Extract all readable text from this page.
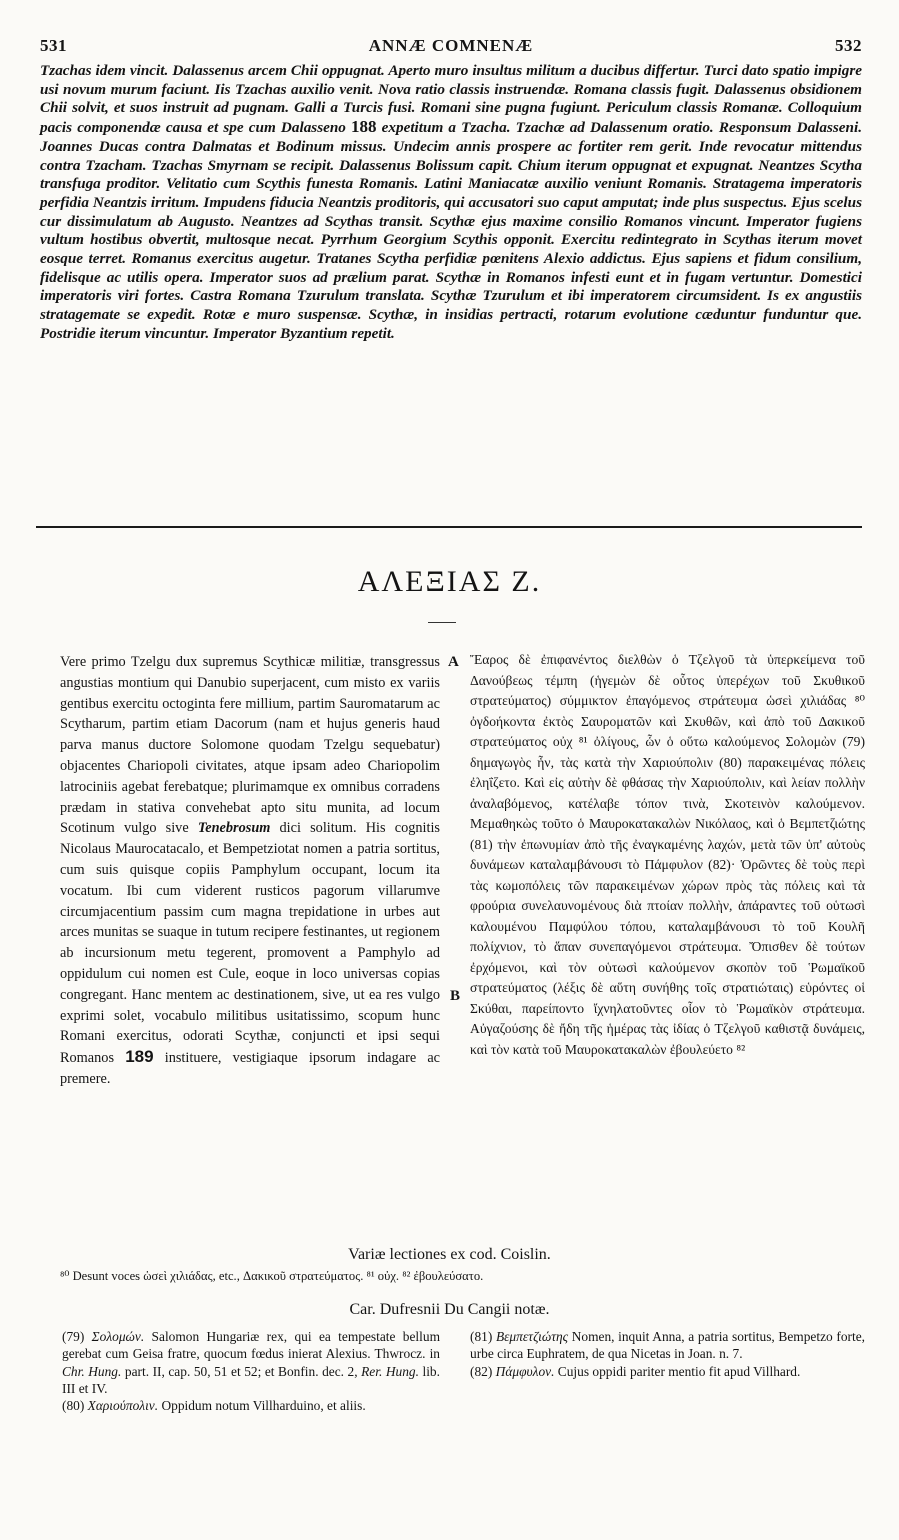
531	ANNÆ COMNENÆ	532
Tzachas idem vincit. Dalassenus arcem Chii oppugnat. Aperto muro insultus militum a ducibus differtur. Turci dato spatio impigre usi novum murum faciunt. Iis Tzachas auxilio venit. Nova ratio classis instruendæ. Romana classis fugit. Dalassenus obsidionem Chii solvit, et suos instruit ad pugnam. Galli a Turcis fusi. Romani sine pugna fugiunt. Periculum classis Romanæ. Colloquium pacis componendæ causa et spe cum Dalasseno 188 expetitum a Tzacha. Tzachæ ad Dalassenum oratio. Responsum Dalasseni. Joannes Ducas contra Dalmatas et Bodinum missus. Undecim annis prospere ac fortiter rem gerit. Inde revocatur mittendus contra Tzacham. Tzachas Smyrnam se recipit. Dalassenus Bolissum capit. Chium iterum oppugnat et expugnat. Neantzes Scytha transfuga proditor. Velitatio cum Scythis funesta Romanis. Latini Maniacatæ auxilio veniunt Romanis. Stratagema imperatoris perfidia Neantzis irritum. Impudens fiducia Neantzis proditoris, qui accusatori suo caput amputat; inde plus suspectus. Ejus scelus cur dissimulatum ab Augusto. Neantzes ad Scythas transit. Scythæ ejus maxime consilio Romanos vincunt. Imperator fugiens vultum hostibus obvertit, multosque necat. Pyrrhum Georgium Scythis opponit. Exercitu redintegrato in Scythas iterum movet eosque terret. Romanus exercitus augetur. Tratanes Scytha perfidiæ pœnitens Alexio addictus. Ejus sapiens et fidum consilium, fidelisque ac utilis opera. Imperator suos ad prælium parat. Scythæ in Romanos infesti eunt et in fugam vertuntur. Domestici imperatoris viri fortes. Castra Romana Tzurulum translata. Scythæ Tzurulum et ibi imperatorem circumsident. Is ex angustiis stratagemate se expedit. Rotæ e muro suspensæ. Scythæ, in insidias pertracti, rotarum evolutione cæduntur funduntur que. Postridie iterum vincuntur. Imperator Byzantium repetit.
ΑΛΕΞΙΑΣ Ζ.
Vere primo Tzelgu dux supremus Scythicæ militiæ, transgressus angustias montium qui Danubio superjacent, cum misto ex variis gentibus exercitu octoginta fere millium, partim Sauromatarum ac Scytharum, partim etiam Dacorum (nam et hujus generis haud parva manus ductore Solomone quodam Tzelgu sequebatur) objacentes Chariopoli civitates, atque ipsam adeo Chariopolim latrociniis agebat ferebatque; plurimamque ex omnibus corradens prædam in stativa convehebat apto situ munita, ad locum Scotinum vulgo sive Tenebrosum dici solitum. His cognitis Nicolaus Maurocatacalo, et Bempetziotat nomen a patria sortitus, cum suis quisque copiis Pamphylum occupant, locum ita vocatum. Ibi cum viderent rusticos pagorum villarumve circumjacentium passim cum magna trepidatione in urbes aut arces munitas se suaque in tutum recipere festinantes, ut regionem ab incursionum metu tegerent, promovent a Pamphylo ad oppidulum cui nomen est Cule, eoque in loco universas copias congregant. Hanc mentem ac destinationem, sive, ut ea res vulgo exprimi solet, vocabulo militibus usitatissimo, scopum hunc Romani exercitus, odorati Scythæ, conjuncti et ipsi sequi Romanos 189 instituere, vestigiaque ipsorum indagare ac premere.
A
B
Ἔαρος δὲ ἐπιφανέντος διελθὼν ὁ Τζελγοῦ τὰ ὑπερκείμενα τοῦ Δανούβεως τέμπη (ἡγεμὼν δὲ οὗτος ὑπερέχων τοῦ Σκυθικοῦ στρατεύματος) σύμμικτον ἐπαγόμενος στράτευμα ὡσεὶ χιλιάδας ⁸⁰ ὀγδοήκοντα ἐκτὸς Σαυροματῶν καὶ Σκυθῶν, καὶ ἀπὸ τοῦ Δακικοῦ στρατεύματος οὐχ ⁸¹ ὀλίγους, ὧν ὁ οὕτω καλούμενος Σολομὼν (79) δημαγωγὸς ἦν, τὰς κατὰ τὴν Χαριούπολιν (80) παρακειμένας πόλεις ἐληΐζετο. Καὶ εἰς αὐτὴν δὲ φθάσας τὴν Χαριούπολιν, καὶ λείαν πολλὴν ἀναλαβόμενος, κατέλαβε τόπον τινὰ, Σκοτεινὸν καλούμενον. Μεμαθηκὼς τοῦτο ὁ Μαυροκατακαλὼν Νικόλαος, καὶ ὁ Βεμπετζιώτης (81) τὴν ἐπωνυμίαν ἀπὸ τῆς ἐναγκαμένης λαχών, μετὰ τῶν ὑπ' αὐτοὺς δυνάμεων καταλαμβάνουσι τὸ Πάμφυλον (82)· Ὁρῶντες δὲ τοὺς περὶ τὰς κωμοπόλεις τῶν παρακειμένων χώρων πρὸς τὰς πόλεις καὶ τὰ φρούρια συνελαυνομένους διὰ πτοίαν πολλὴν, ἀπάραντες τοῦ οὑτωσὶ καλουμένου Παμφύλου τόπου, καταλαμβάνουσι τὸ τοῦ Κουλῆ πολίχνιον, τὸ ἅπαν συνεπαγόμενοι στράτευμα. Ὄπισθεν δὲ τούτων ἐρχόμενοι, καὶ τὸν οὑτωσὶ καλούμενον σκοπὸν τοῦ Ῥωμαϊκοῦ στρατεύματος (λέξις δὲ αὕτη συνήθης τοῖς στρατιώταις) εὑρόντες οἱ Σκύθαι, παρείποντο ἴχνηλατοῦντες οἷον τὸ Ῥωμαϊκὸν στράτευμα. Αὐγαζούσης δὲ ἤδη τῆς ἡμέρας τὰς ἰδίας ὁ Τζελγοῦ καθιστᾷ δυνάμεις, καὶ τὸν κατὰ τοῦ Μαυροκατακαλὼν ἐβουλεύετο ⁸²
Variæ lectiones ex cod. Coislin.
⁸⁰ Desunt voces ὡσεὶ χιλιάδας, etc., Δακικοῦ στρατεύματος. ⁸¹ οὐχ. ⁸² ἐβουλεύσατο.
Car. Dufresnii Du Cangii notæ.

(79) Σολομών. Salomon Hungariæ rex, qui ea tempestate bellum gerebat cum Geisa fratre, quocum fœdus inierat Alexius. Thwrocz. in Chr. Hung. part. II, cap. 50, 51 et 52; et Bonfin. dec. 2, Rer. Hung. lib. III et IV.

(80) Χαριούπολιν. Oppidum notum Villharduino, et aliis.

(81) Βεμπετζιώτης Nomen, inquit Anna, a patria sortitus, Bempetzo forte, urbe circa Euphratem, de qua Nicetas in Joan. n. 7.

(82) Πάμφυλον. Cujus oppidi pariter mentio fit apud Villhard.
